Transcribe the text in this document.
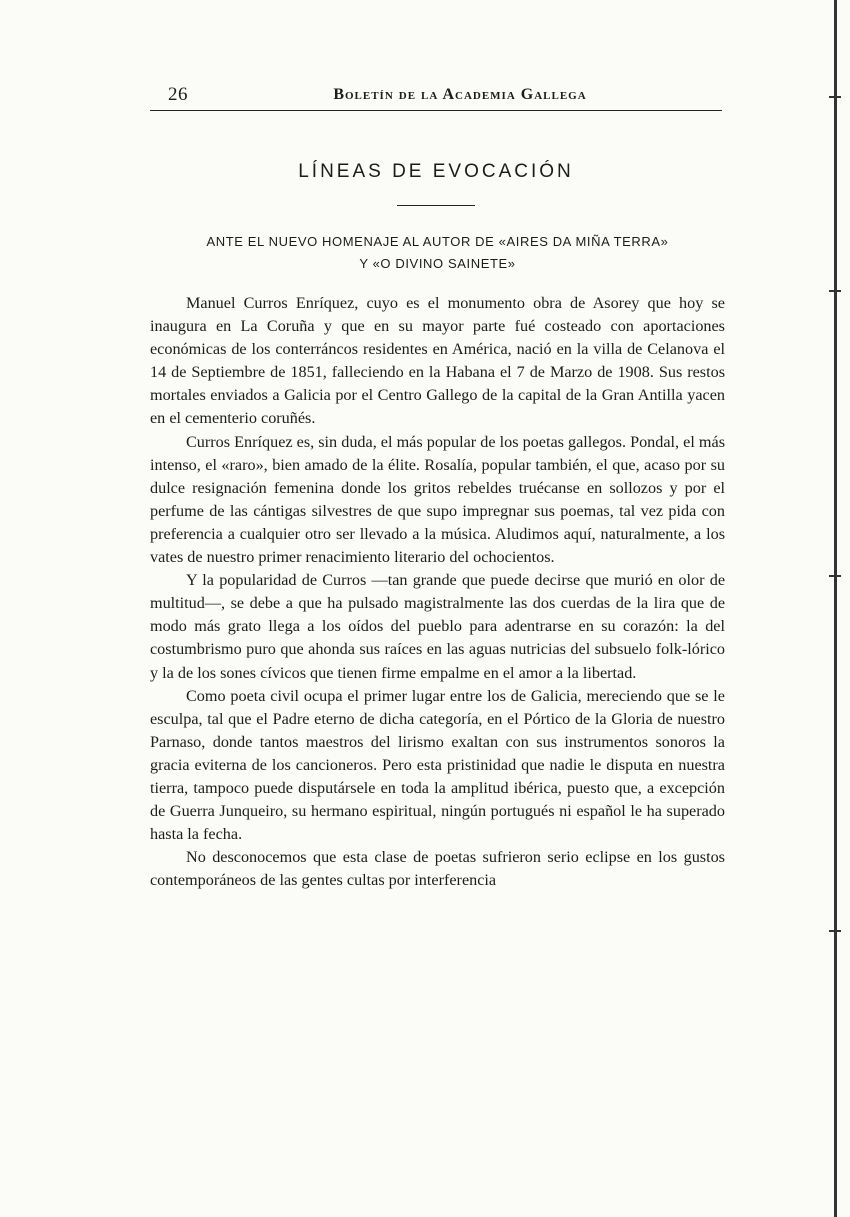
26	Boletín de la Academia Gallega
LÍNEAS DE EVOCACIÓN
ANTE EL NUEVO HOMENAJE AL AUTOR DE «AIRES DA MIÑA TERRA»
Y «O DIVINO SAINETE»

Manuel Curros Enríquez, cuyo es el monumento obra de Asorey que hoy se inaugura en La Coruña y que en su mayor parte fué costeado con aportaciones económicas de los conterráncos residentes en América, nació en la villa de Celanova el 14 de Septiembre de 1851, falleciendo en la Habana el 7 de Marzo de 1908. Sus restos mortales enviados a Galicia por el Centro Gallego de la capital de la Gran Antilla yacen en el cementerio coruñés.

Curros Enríquez es, sin duda, el más popular de los poetas gallegos. Pondal, el más intenso, el «raro», bien amado de la élite. Rosalía, popular también, el que, acaso por su dulce resignación femenina donde los gritos rebeldes truécanse en sollozos y por el perfume de las cántigas silvestres de que supo impregnar sus poemas, tal vez pida con preferencia a cualquier otro ser llevado a la música. Aludimos aquí, naturalmente, a los vates de nuestro primer renacimiento literario del ochocientos.

Y la popularidad de Curros —tan grande que puede decirse que murió en olor de multitud—, se debe a que ha pulsado magistralmente las dos cuerdas de la lira que de modo más grato llega a los oídos del pueblo para adentrarse en su corazón: la del costumbrismo puro que ahonda sus raíces en las aguas nutricias del subsuelo folk-lórico y la de los sones cívicos que tienen firme empalme en el amor a la libertad.

Como poeta civil ocupa el primer lugar entre los de Galicia, mereciendo que se le esculpa, tal que el Padre eterno de dicha categoría, en el Pórtico de la Gloria de nuestro Parnaso, donde tantos maestros del lirismo exaltan con sus instrumentos sonoros la gracia eviterna de los cancioneros. Pero esta pristinidad que nadie le disputa en nuestra tierra, tampoco puede disputársele en toda la amplitud ibérica, puesto que, a excepción de Guerra Junqueiro, su hermano espiritual, ningún portugués ni español le ha superado hasta la fecha.

No desconocemos que esta clase de poetas sufrieron serio eclipse en los gustos contemporáneos de las gentes cultas por interferencia
